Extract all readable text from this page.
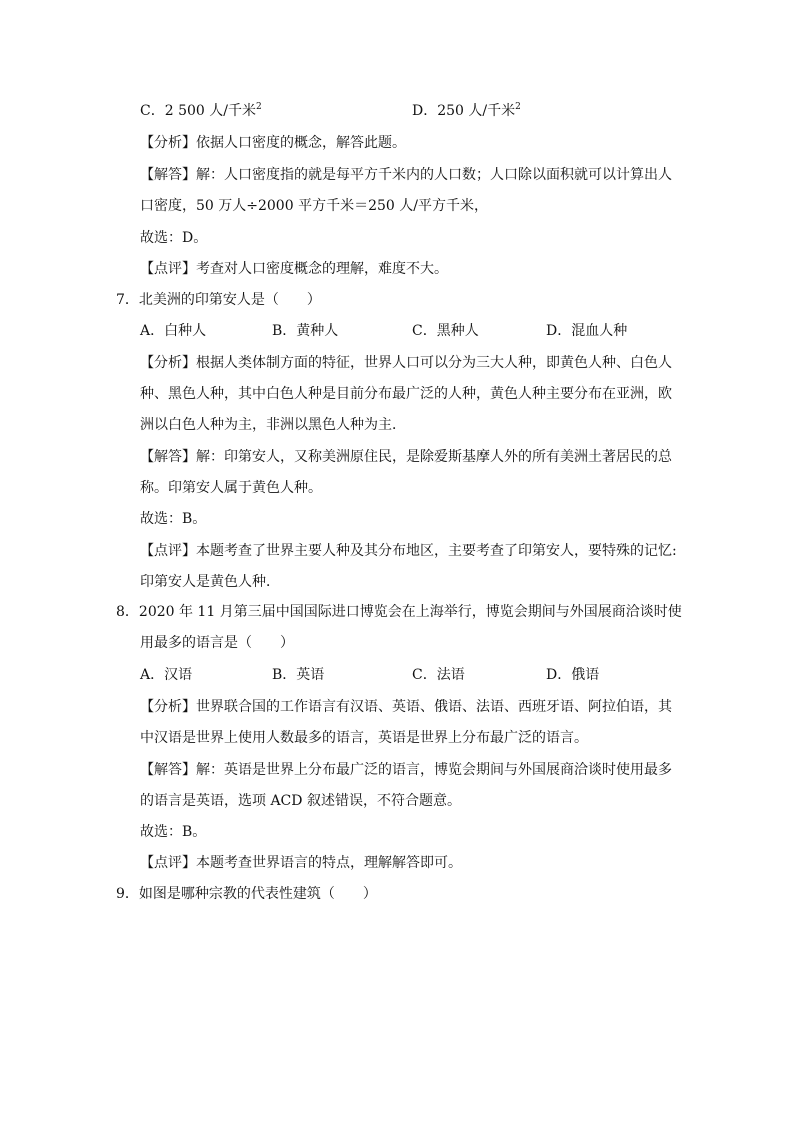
C．2 500 人/千米$^2$	D．250 人/千米$^2$
【分析】依据人口密度的概念，解答此题。
【解答】解：人口密度指的就是每平方千米内的人口数；人口除以面积就可以计算出人
口密度，50 万人÷2000 平方千米＝250 人/平方千米，
故选：D。
【点评】考查对人口密度概念的理解，难度不大。
7．北美洲的印第安人是（　　）
A．白种人	B．黄种人	C．黑种人	D．混血人种
【分析】根据人类体制方面的特征，世界人口可以分为三大人种，即黄色人种、白色人
种、黑色人种，其中白色人种是目前分布最广泛的人种，黄色人种主要分布在亚洲，欧
洲以白色人种为主，非洲以黑色人种为主．
【解答】解：印第安人，又称美洲原住民，是除爱斯基摩人外的所有美洲土著居民的总
称。印第安人属于黄色人种。
故选：B。
【点评】本题考查了世界主要人种及其分布地区，主要考查了印第安人，要特殊的记忆:
印第安人是黄色人种．
8．2020 年 11 月第三届中国国际进口博览会在上海举行，博览会期间与外国展商洽谈时使
用最多的语言是（　　）
A．汉语	B．英语	C．法语	D．俄语
【分析】世界联合国的工作语言有汉语、英语、俄语、法语、西班牙语、阿拉伯语，其
中汉语是世界上使用人数最多的语言，英语是世界上分布最广泛的语言。
【解答】解：英语是世界上分布最广泛的语言，博览会期间与外国展商洽谈时使用最多
的语言是英语，选项 ACD 叙述错误，不符合题意。
故选：B。
【点评】本题考查世界语言的特点，理解解答即可。
9．如图是哪种宗教的代表性建筑（　　）
